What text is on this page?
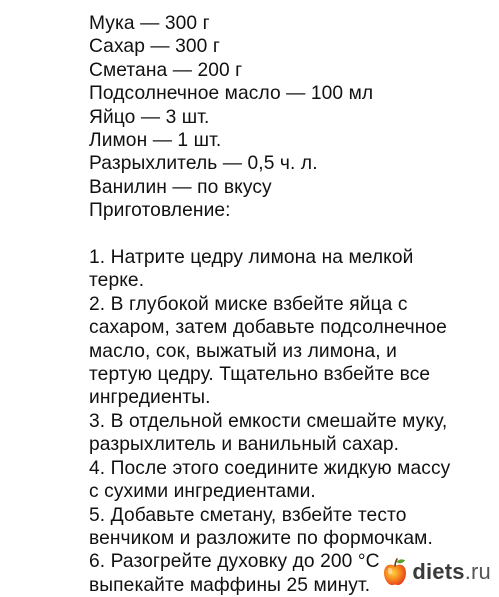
Мука — 300 г
Сахар — 300 г
Сметана — 200 г
Подсолнечное масло — 100 мл
Яйцо — 3 шт.
Лимон — 1 шт.
Разрыхлитель — 0,5 ч. л.
Ванилин — по вкусу
Приготовление:
1. Натрите цедру лимона на мелкой
терке.
2. В глубокой миске взбейте яйца с
сахаром, затем добавьте подсолнечное
масло, сок, выжатый из лимона, и
тертую цедру. Тщательно взбейте все
ингредиенты.
3. В отдельной емкости смешайте муку,
разрыхлитель и ванильный сахар.
4. После этого соедините жидкую массу
с сухими ингредиентами.
5. Добавьте сметану, взбейте тесто
венчиком и разложите по формочкам.
6. Разогрейте духовку до 200 °С
выпекайте маффины 25 минут.
diets.ru
